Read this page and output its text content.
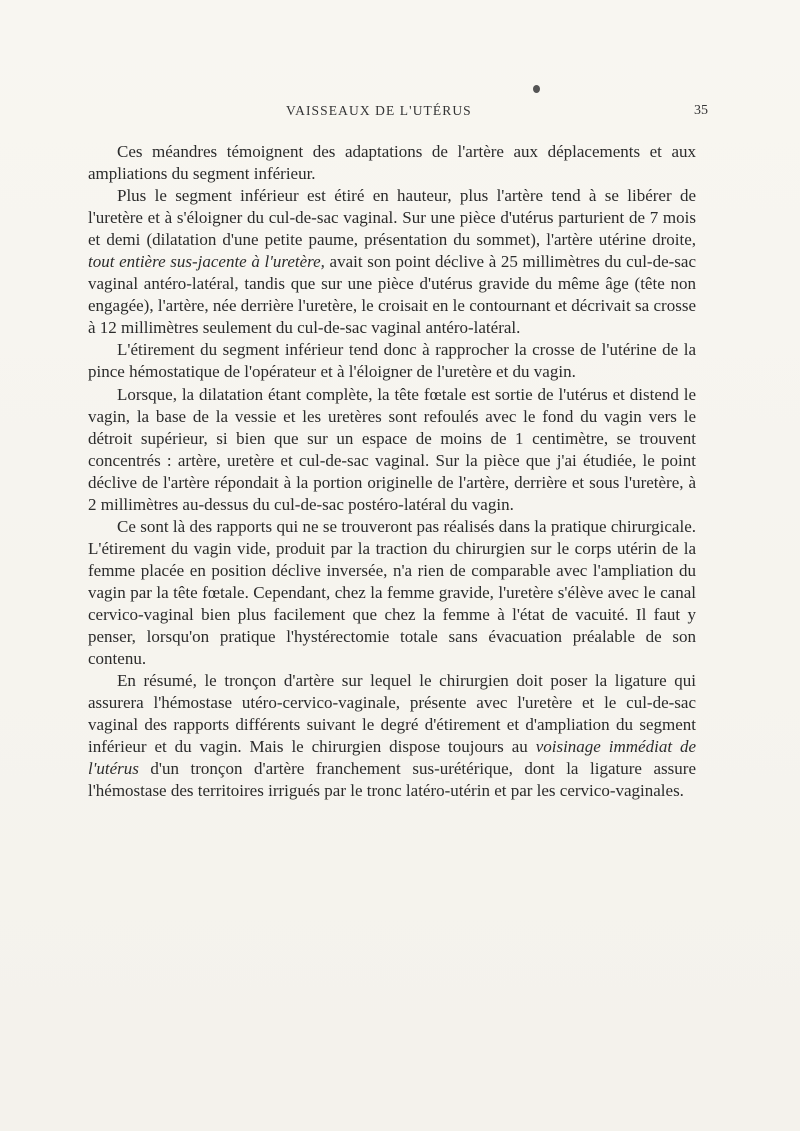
VAISSEAUX DE L'UTÉRUS	35

Ces méandres témoignent des adaptations de l'artère aux déplacements et aux ampliations du segment inférieur.

Plus le segment inférieur est étiré en hauteur, plus l'artère tend à se libérer de l'uretère et à s'éloigner du cul-de-sac vaginal. Sur une pièce d'utérus parturient de 7 mois et demi (dilatation d'une petite paume, présentation du sommet), l'artère utérine droite, tout entière sus-jacente à l'uretère, avait son point déclive à 25 millimètres du cul-de-sac vaginal antéro-latéral, tandis que sur une pièce d'utérus gravide du même âge (tête non engagée), l'artère, née derrière l'uretère, le croisait en le contournant et décrivait sa crosse à 12 millimètres seulement du cul-de-sac vaginal antéro-latéral.

L'étirement du segment inférieur tend donc à rapprocher la crosse de l'utérine de la pince hémostatique de l'opérateur et à l'éloigner de l'uretère et du vagin.

Lorsque, la dilatation étant complète, la tête fœtale est sortie de l'utérus et distend le vagin, la base de la vessie et les uretères sont refoulés avec le fond du vagin vers le détroit supérieur, si bien que sur un espace de moins de 1 centimètre, se trouvent concentrés : artère, uretère et cul-de-sac vaginal. Sur la pièce que j'ai étudiée, le point déclive de l'artère répondait à la portion originelle de l'artère, derrière et sous l'uretère, à 2 millimètres au-dessus du cul-de-sac postéro-latéral du vagin.

Ce sont là des rapports qui ne se trouveront pas réalisés dans la pratique chirurgicale. L'étirement du vagin vide, produit par la traction du chirurgien sur le corps utérin de la femme placée en position déclive inversée, n'a rien de comparable avec l'ampliation du vagin par la tête fœtale. Cependant, chez la femme gravide, l'uretère s'élève avec le canal cervico-vaginal bien plus facilement que chez la femme à l'état de vacuité. Il faut y penser, lorsqu'on pratique l'hystérectomie totale sans évacuation préalable de son contenu.

En résumé, le tronçon d'artère sur lequel le chirurgien doit poser la ligature qui assurera l'hémostase utéro-cervico-vaginale, présente avec l'uretère et le cul-de-sac vaginal des rapports différents suivant le degré d'étirement et d'ampliation du segment inférieur et du vagin. Mais le chirurgien dispose toujours au voisinage immédiat de l'utérus d'un tronçon d'artère franchement sus-urétérique, dont la ligature assure l'hémostase des territoires irrigués par le tronc latéro-utérin et par les cervico-vaginales.
